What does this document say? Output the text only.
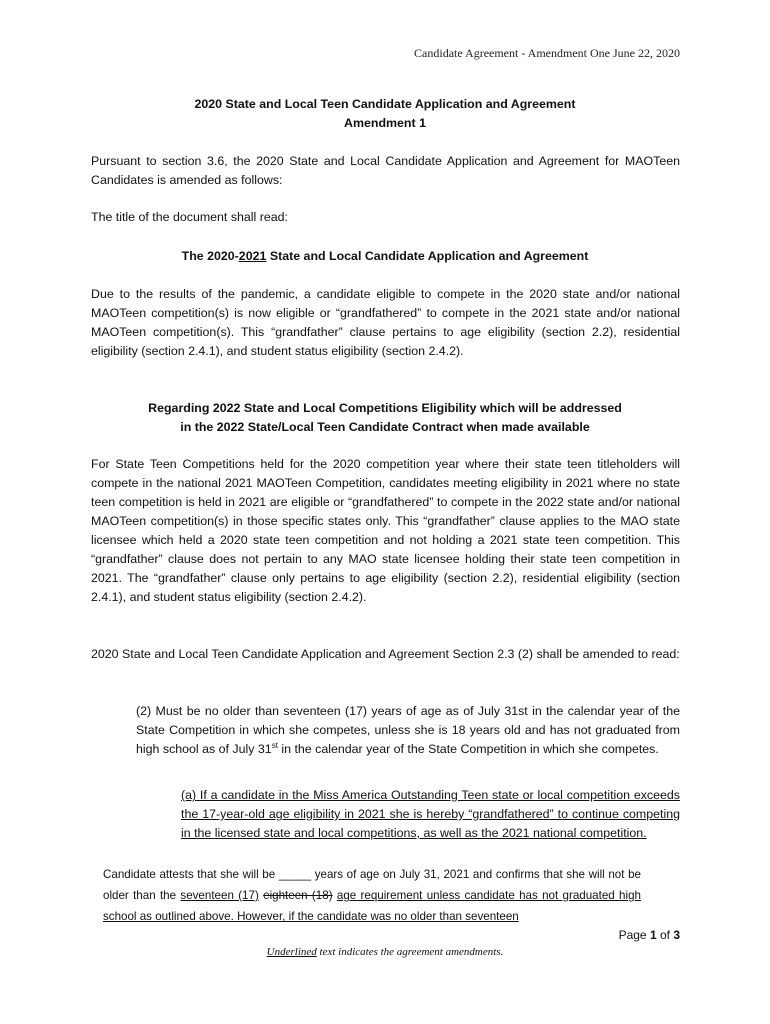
Candidate Agreement - Amendment One June 22, 2020
2020 State and Local Teen Candidate Application and Agreement
Amendment 1
Pursuant to section 3.6, the 2020 State and Local Candidate Application and Agreement for MAOTeen Candidates is amended as follows:
The title of the document shall read:
The 2020-2021 State and Local Candidate Application and Agreement
Due to the results of the pandemic, a candidate eligible to compete in the 2020 state and/or national MAOTeen competition(s) is now eligible or “grandfathered” to compete in the 2021 state and/or national MAOTeen competition(s). This “grandfather” clause pertains to age eligibility (section 2.2), residential eligibility (section 2.4.1), and student status eligibility (section 2.4.2).
Regarding 2022 State and Local Competitions Eligibility which will be addressed
in the 2022 State/Local Teen Candidate Contract when made available
For State Teen Competitions held for the 2020 competition year where their state teen titleholders will compete in the national 2021 MAOTeen Competition, candidates meeting eligibility in 2021 where no state teen competition is held in 2021 are eligible or “grandfathered” to compete in the 2022 state and/or national MAOTeen competition(s) in those specific states only. This “grandfather” clause applies to the MAO state licensee which held a 2020 state teen competition and not holding a 2021 state teen competition. This “grandfather” clause does not pertain to any MAO state licensee holding their state teen competition in 2021. The “grandfather” clause only pertains to age eligibility (section 2.2), residential eligibility (section 2.4.1), and student status eligibility (section 2.4.2).
2020 State and Local Teen Candidate Application and Agreement Section 2.3 (2) shall be amended to read:
(2) Must be no older than seventeen (17) years of age as of July 31st in the calendar year of the State Competition in which she competes, unless she is 18 years old and has not graduated from high school as of July 31st in the calendar year of the State Competition in which she competes.
(a) If a candidate in the Miss America Outstanding Teen state or local competition exceeds the 17-year-old age eligibility in 2021 she is hereby “grandfathered” to continue competing in the licensed state and local competitions, as well as the 2021 national competition.
Candidate attests that she will be _____ years of age on July 31, 2021 and confirms that she will not be older than the seventeen (17) eighteen (18) age requirement unless candidate has not graduated high school as outlined above. However, if the candidate was no older than seventeen
Page 1 of 3
Underlined text indicates the agreement amendments.
